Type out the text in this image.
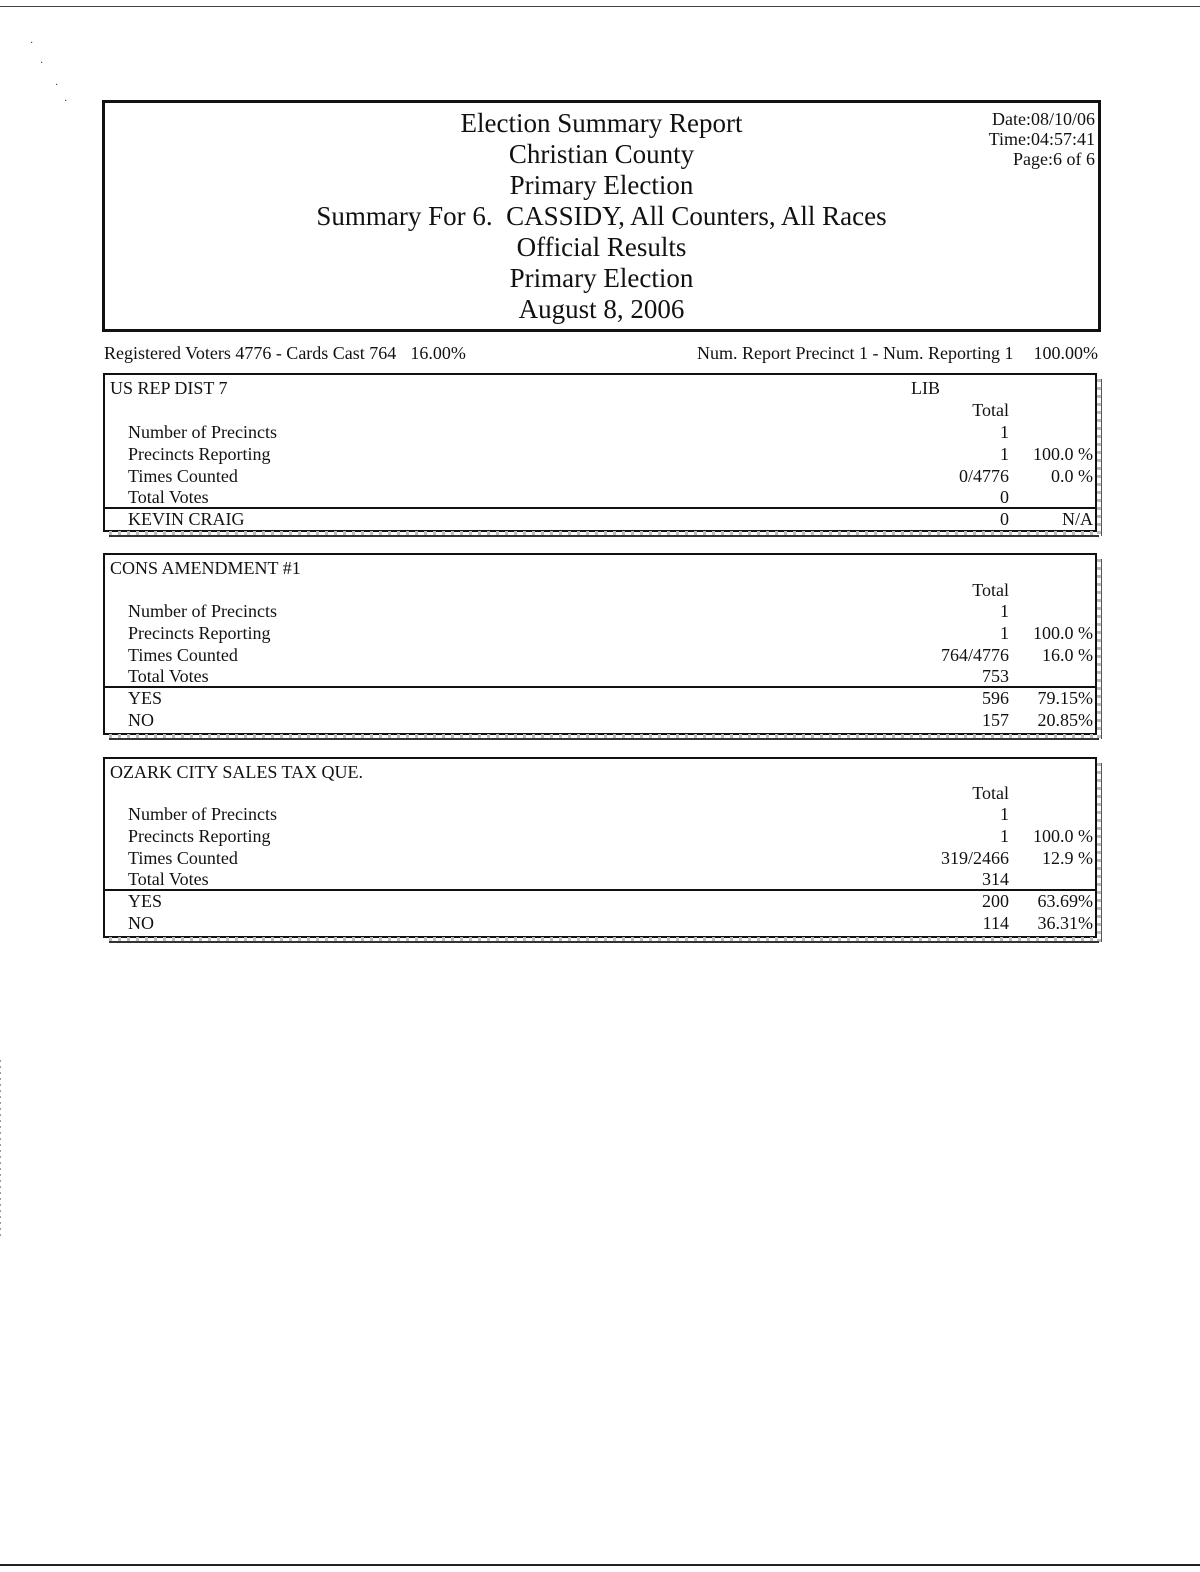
·
·
·
·
Election Summary Report
Christian County
Primary Election
Summary For 6.  CASSIDY, All Counters, All Races
Official Results
Primary Election
August 8, 2006
Date:08/10/06
Time:04:57:41
Page:6 of 6
Registered Voters 4776 - Cards Cast 764 16.00%	Num. Report Precinct 1 - Num. Reporting 1 100.00%
US REP DIST 7	LIB
Total
Number of Precincts	1
Precincts Reporting	1 100.0 %
Times Counted	0/4776 0.0 %
Total Votes	0
KEVIN CRAIG	0	N/A
CONS AMENDMENT #1
Total
Number of Precincts	1
Precincts Reporting	1 100.0 %
Times Counted	764/4776 16.0 %
Total Votes	753
YES	596 79.15%
NO	157 20.85%
OZARK CITY SALES TAX QUE.
Total
Number of Precincts	1
Precincts Reporting	1 100.0 %
Times Counted	319/2466 12.9 %
Total Votes	314
YES	200 63.69%
NO	114 36.31%
